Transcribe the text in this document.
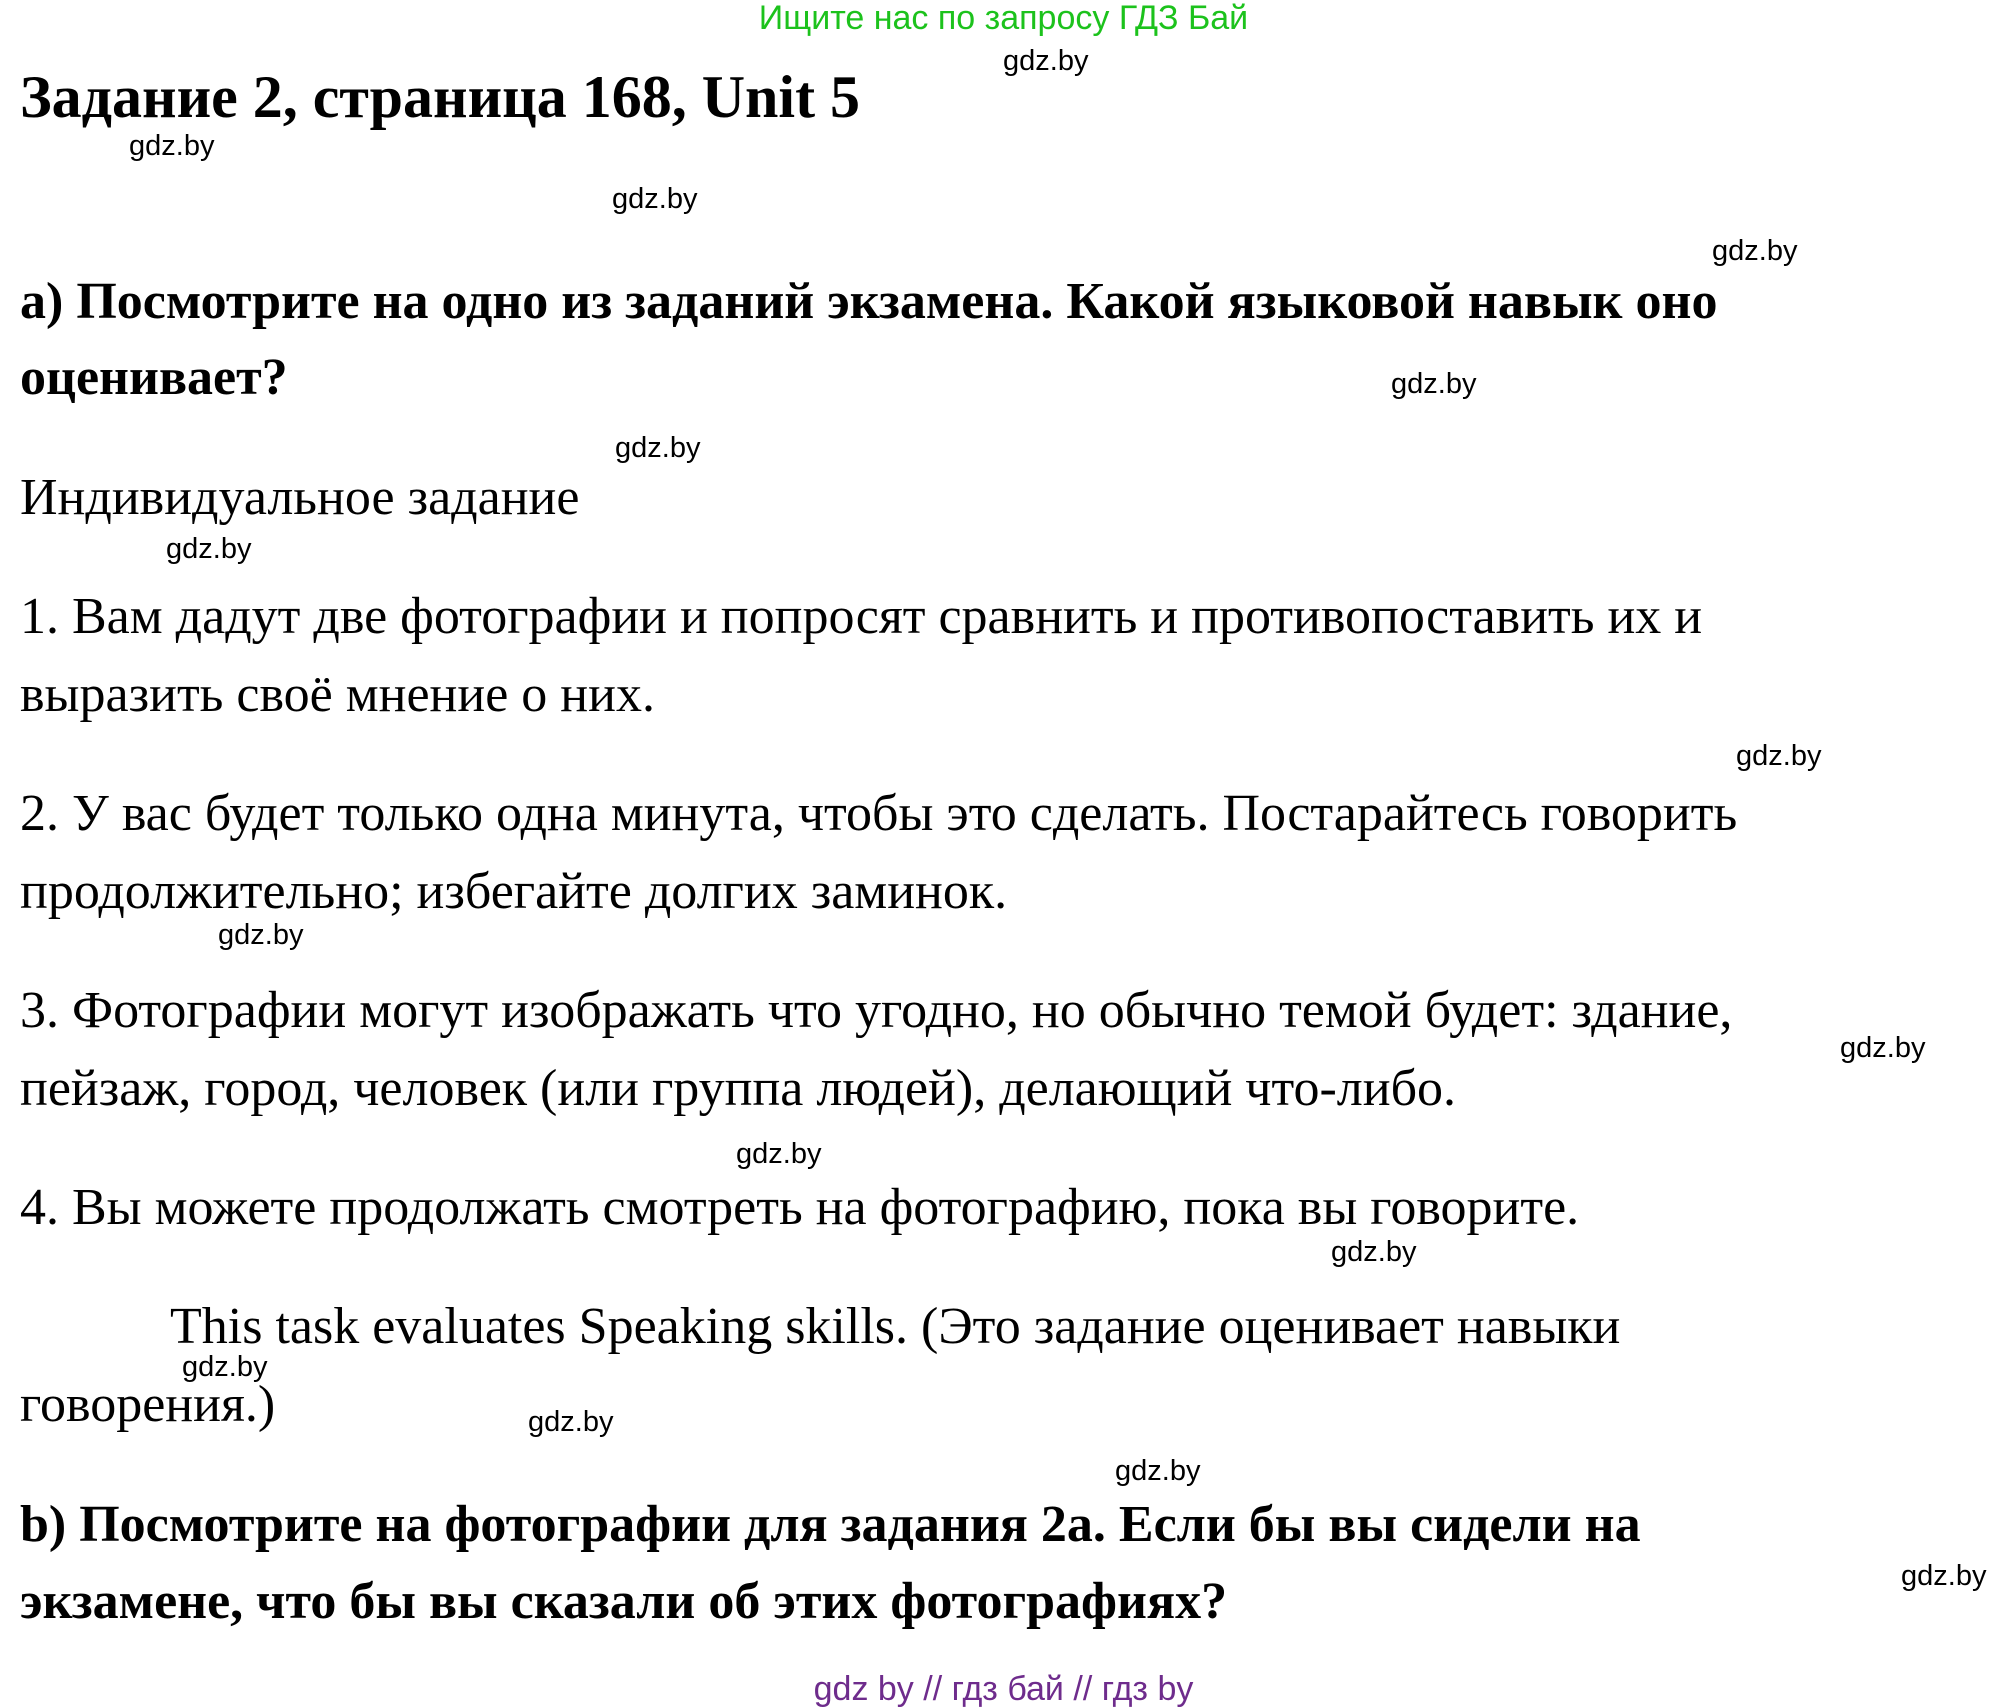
Ищите нас по запросу ГДЗ Бай
Задание 2, страница 168, Unit 5
а) Посмотрите на одно из заданий экзамена. Какой языковой навык оно
оценивает?
Индивидуальное задание
1. Вам дадут две фотографии и попросят сравнить и противопоставить их и
выразить своё мнение о них.
2. У вас будет только одна минута, чтобы это сделать. Постарайтесь говорить
продолжительно; избегайте долгих заминок.
3. Фотографии могут изображать что угодно, но обычно темой будет: здание,
пейзаж, город, человек (или группа людей), делающий что-либо.
4. Вы можете продолжать смотреть на фотографию, пока вы говорите.
This task evaluates Speaking skills. (Это задание оценивает навыки
говорения.)
b) Посмотрите на фотографии для задания 2а. Если бы вы сидели на
экзамене, что бы вы сказали об этих фотографиях?
gdz.by
gdz.by
gdz.by
gdz.by
gdz.by
gdz.by
gdz.by
gdz.by
gdz.by
gdz.by
gdz.by
gdz.by
gdz.by
gdz.by
gdz.by
gdz.by
gdz by // гдз бай // гдз by
